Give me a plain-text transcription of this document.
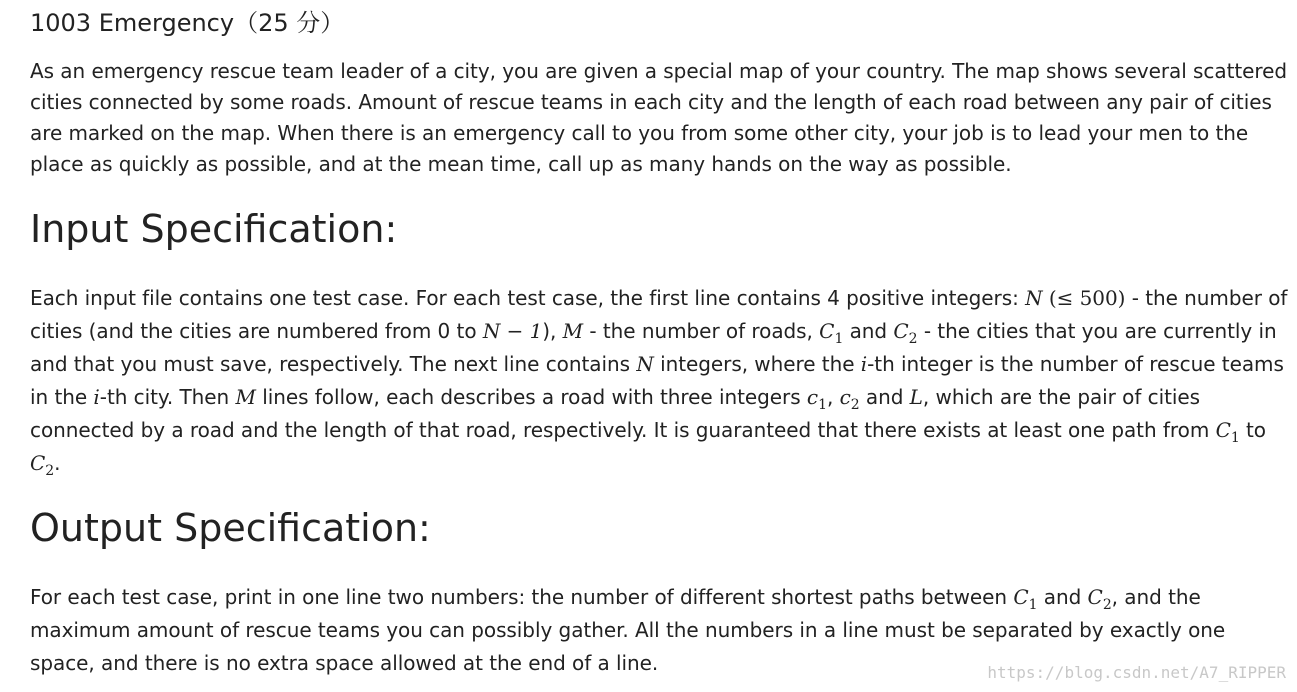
1003 Emergency（25 分）

As an emergency rescue team leader of a city, you are given a special map of your country. The map shows several scattered cities connected by some roads. Amount of rescue teams in each city and the length of each road between any pair of cities are marked on the map. When there is an emergency call to you from some other city, your job is to lead your men to the place as quickly as possible, and at the mean time, call up as many hands on the way as possible.

Input Specification:

Each input file contains one test case. For each test case, the first line contains 4 positive integers: N (≤ 500) - the number of cities (and the cities are numbered from 0 to N − 1), M - the number of roads, $C_1$ and $C_2$ - the cities that you are currently in and that you must save, respectively. The next line contains N integers, where the i-th integer is the number of rescue teams in the i-th city. Then M lines follow, each describes a road with three integers $c_1$, $c_2$ and L, which are the pair of cities connected by a road and the length of that road, respectively. It is guaranteed that there exists at least one path from $C_1$ to $C_2$.

Output Specification:

For each test case, print in one line two numbers: the number of different shortest paths between $C_1$ and $C_2$, and the maximum amount of rescue teams you can possibly gather. All the numbers in a line must be separated by exactly one space, and there is no extra space allowed at the end of a line.	https://blog.csdn.net/A7_RIPPER
